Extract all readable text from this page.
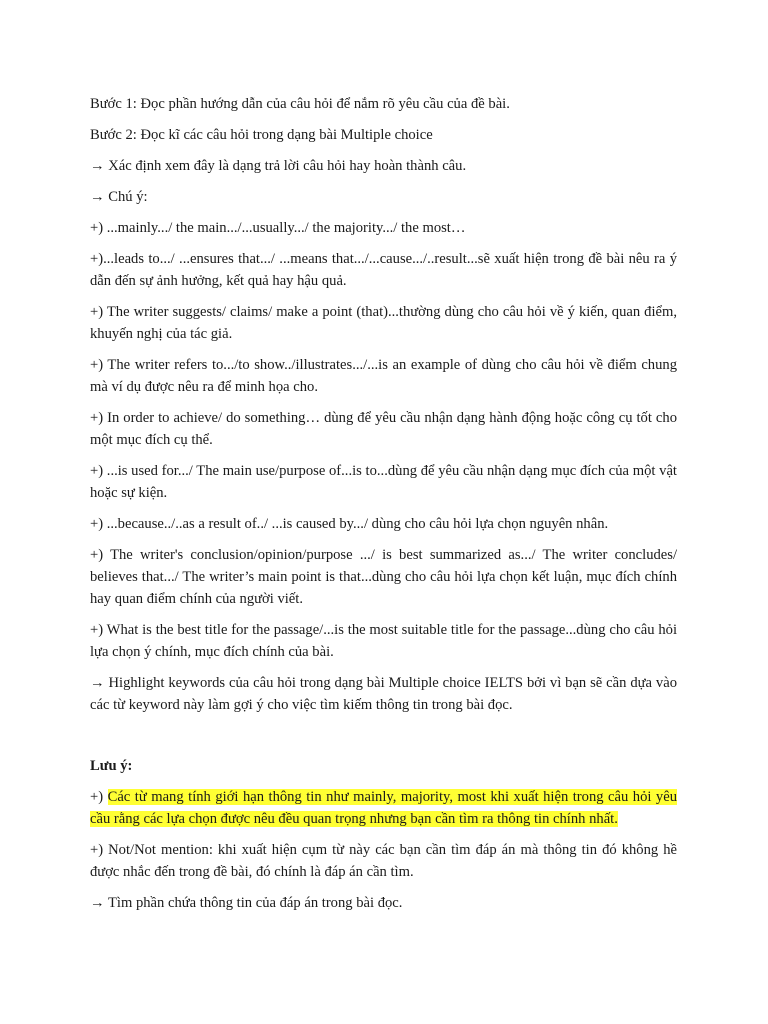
Bước 1: Đọc phần hướng dẫn của câu hỏi để nắm rõ yêu cầu của đề bài.

Bước 2: Đọc kĩ các câu hỏi trong dạng bài Multiple choice

→ Xác định xem đây là dạng trả lời câu hỏi hay hoàn thành câu.

→ Chú ý:

+) ...mainly.../ the main.../...usually.../ the majority.../ the most…

+)...leads to.../ ...ensures that.../ ...means that.../...cause.../..result...sẽ xuất hiện trong đề bài nêu ra ý dẫn đến sự ảnh hưởng, kết quả hay hậu quả.

+) The writer suggests/ claims/ make a point (that)...thường dùng cho câu hỏi về ý kiến, quan điểm, khuyến nghị của tác giả.

+) The writer refers to.../to show../illustrates.../...is an example of dùng cho câu hỏi về điểm chung mà ví dụ được nêu ra để minh họa cho.

+) In order to achieve/ do something… dùng để yêu cầu nhận dạng hành động hoặc công cụ tốt cho một mục đích cụ thể.

+) ...is used for.../ The main use/purpose of...is to...dùng để yêu cầu nhận dạng mục đích của một vật hoặc sự kiện.

+) ...because../..as a result of../ ...is caused by.../ dùng cho câu hỏi lựa chọn nguyên nhân.

+) The writer's conclusion/opinion/purpose .../ is best summarized as.../ The writer concludes/ believes that.../ The writer’s main point is that...dùng cho câu hỏi lựa chọn kết luận, mục đích chính hay quan điểm chính của người viết.

+) What is the best title for the passage/...is the most suitable title for the passage...dùng cho câu hỏi lựa chọn ý chính, mục đích chính của bài.

→ Highlight keywords của câu hỏi trong dạng bài Multiple choice IELTS bởi vì bạn sẽ cần dựa vào các từ keyword này làm gợi ý cho việc tìm kiếm thông tin trong bài đọc.

Lưu ý:

+) Các từ mang tính giới hạn thông tin như mainly, majority, most khi xuất hiện trong câu hỏi yêu cầu rằng các lựa chọn được nêu đều quan trọng nhưng bạn cần tìm ra thông tin chính nhất.

+) Not/Not mention: khi xuất hiện cụm từ này các bạn cần tìm đáp án mà thông tin đó không hề được nhắc đến trong đề bài, đó chính là đáp án cần tìm.

→ Tìm phần chứa thông tin của đáp án trong bài đọc.
